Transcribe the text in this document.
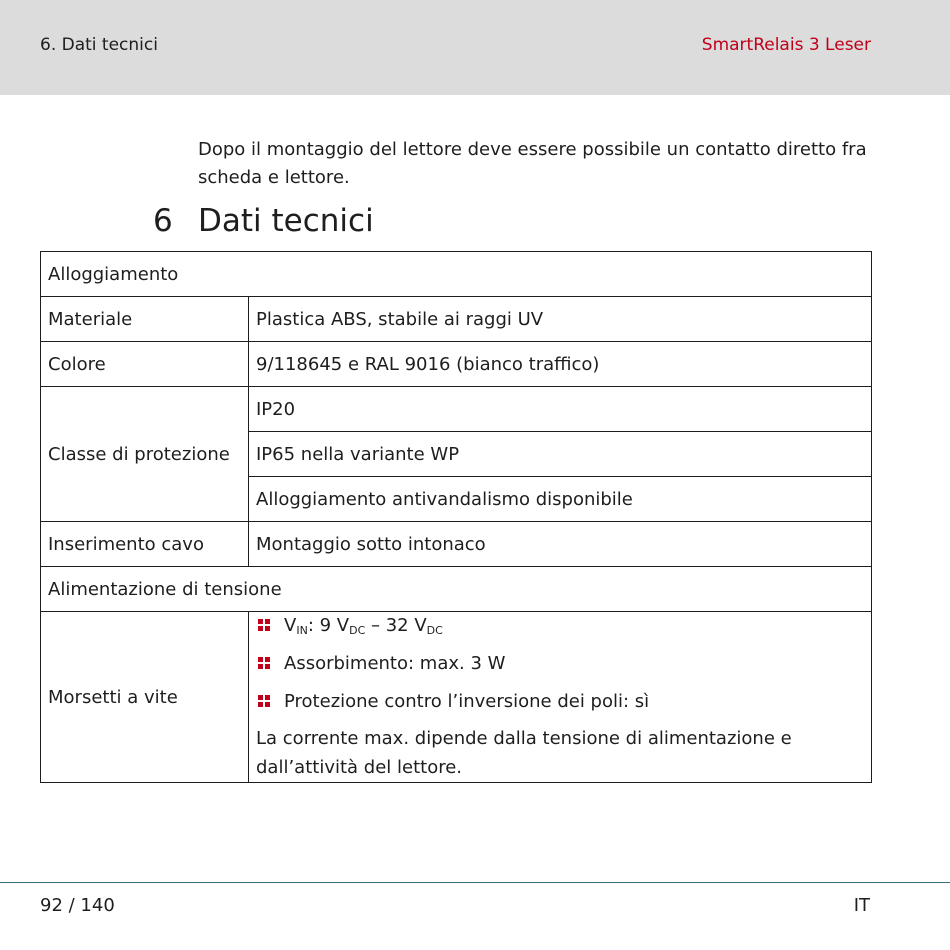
6. Dati tecnici	SmartRelais 3 Leser
Dopo il montaggio del lettore deve essere possibile un contatto diretto fra scheda e lettore.
6 Dati tecnici
Alloggiamento	
Materiale	Plastica ABS, stabile ai raggi UV
Colore	9/118645 e RAL 9016 (bianco traffico)
Classe di protezione	IP20
	IP65 nella variante WP
	Alloggiamento antivandalismo disponibile
Inserimento cavo	Montaggio sotto intonaco
Alimentazione di tensione	
Morsetti a vite	$V_{IN}$: 9 $V_{DC} - 32$ $V_{DC}$
Assorbimento: max. 3 W
Protezione contro l’inversione dei poli: sì
La corrente max. dipende dalla tensione di alimentazione e dall’attività del lettore.
92 / 140	IT
